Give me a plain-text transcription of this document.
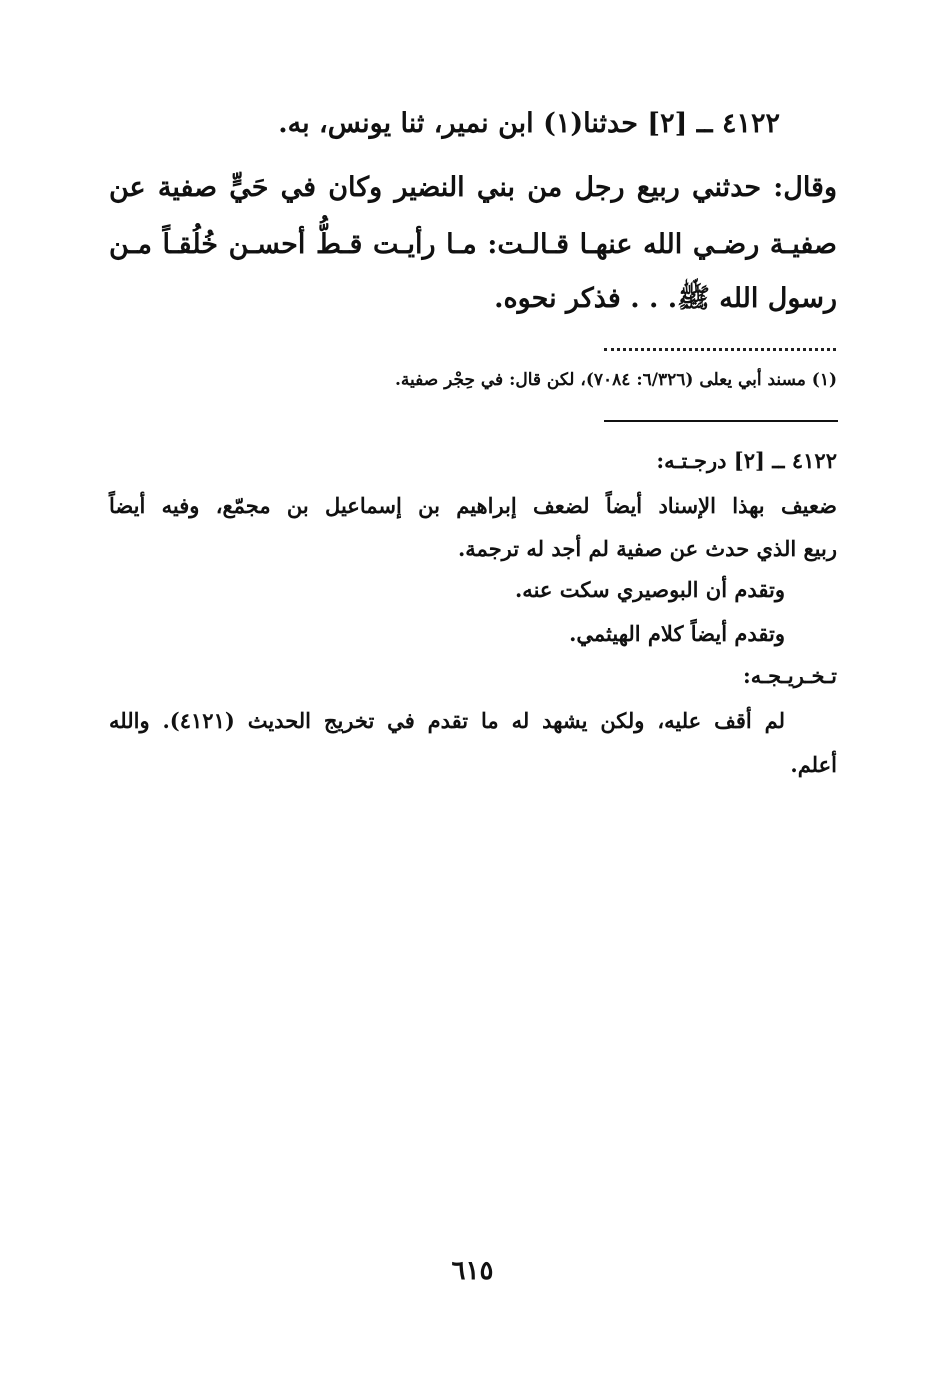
٤١٢٢ ــ [٢] حدثنا(١) ابن نمير، ثنا يونس، به.
وقال: حدثني ربيع رجل من بني النضير وكان في حَيٍّ صفية عن
صفيـة رضـي الله عنهـا قـالـت: مـا رأيـت قـطُّ أحسـن خُلُقـاً مـن
رسول الله ﷺ. . . فذكر نحوه.
(١) مسند أبي يعلى (٦/٣٢٦: ٧٠٨٤)، لكن قال: في حِجْر صفية.
٤١٢٢ ــ [٢] درجـتـه:
ضعيف بهذا الإسناد أيضاً لضعف إبراهيم بن إسماعيل بن مجمّع، وفيه أيضاً
ربيع الذي حدث عن صفية لم أجد له ترجمة.
وتقدم أن البوصيري سكت عنه.
وتقدم أيضاً كلام الهيثمي.
تـخـريـجـه:
لم أقف عليه، ولكن يشهد له ما تقدم في تخريج الحديث (٤١٢١). والله
أعلم.
٦١٥
